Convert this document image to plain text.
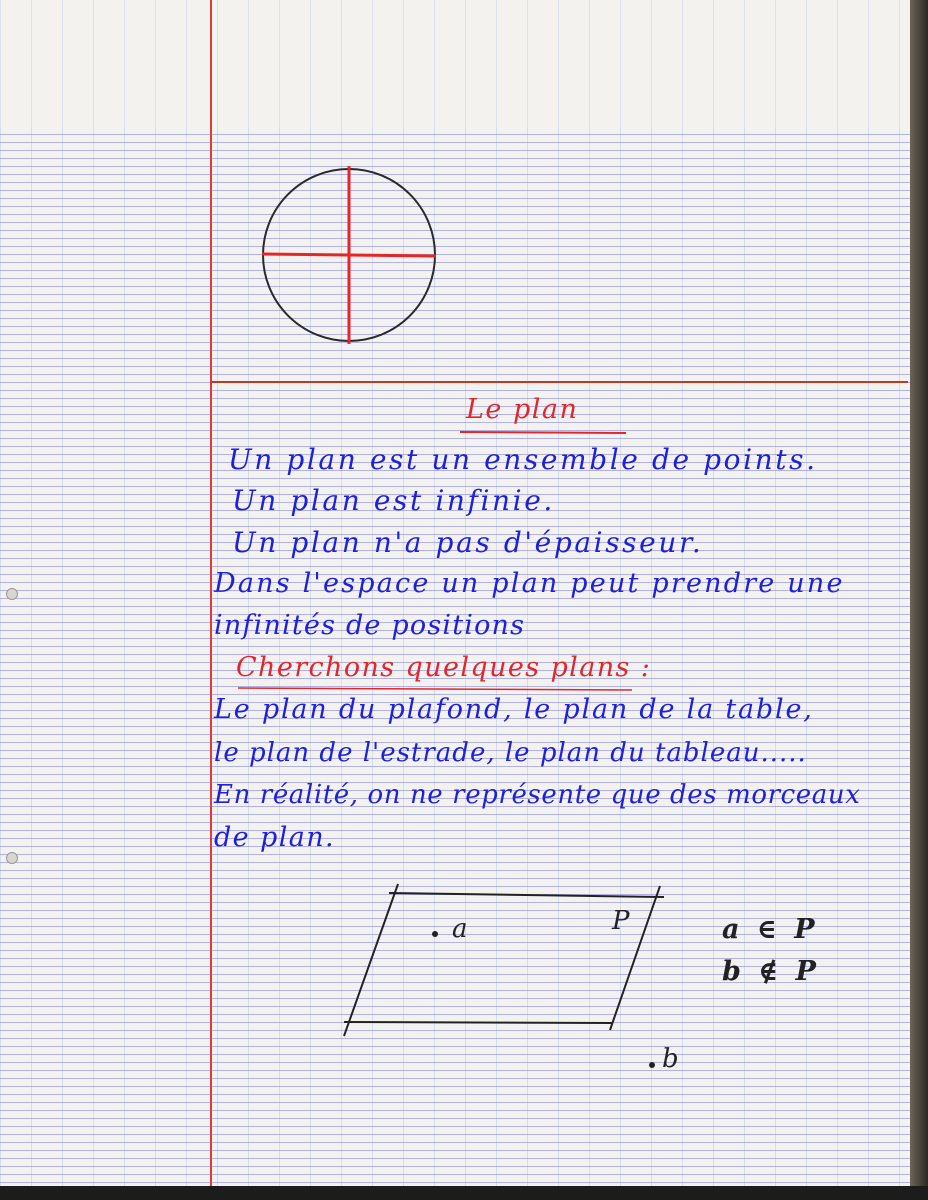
Le plan
Un plan est un ensemble de points.
Un plan est infinie.
Un plan n'a pas d'épaisseur.
Dans l'espace un plan peut prendre une
infinités de positions
Cherchons quelques plans :
Le plan du plafond, le plan de la table,
le plan de l'estrade, le plan du tableau.....
En réalité, on ne représente que des morceaux
de plan.
a	P
b
a ∈ P
b ∉ P
